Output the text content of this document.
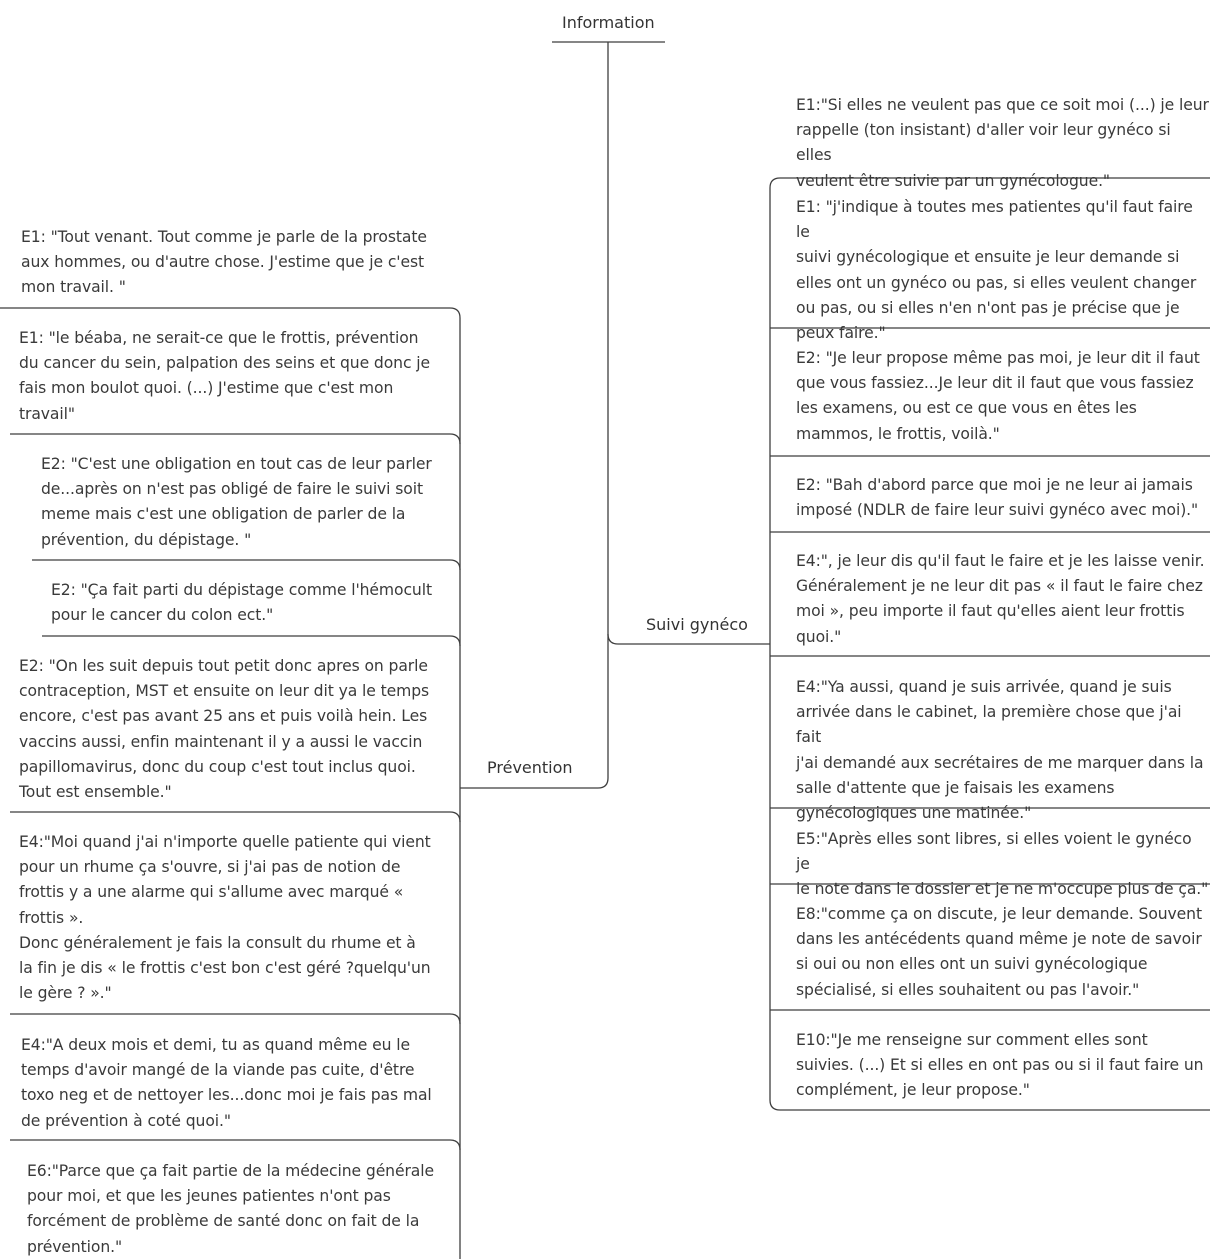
Information
Suivi gynéco
Prévention
E1:"Si elles ne veulent pas que ce soit moi (...) je leur
rappelle (ton insistant) d'aller voir leur gynéco si elles
veulent être suivie par un gynécologue."
E1: "j'indique à toutes mes patientes qu'il faut faire le
suivi gynécologique et ensuite je leur demande si
elles ont un gynéco ou pas, si elles veulent changer
ou pas, ou si elles n'en n'ont pas je précise que je
peux faire."
E2: "Je leur propose même pas moi, je leur dit il faut
que vous fassiez...Je leur dit il faut que vous fassiez
les examens, ou est ce que vous en êtes les
mammos, le frottis, voilà."
E2: "Bah d'abord parce que moi je ne leur ai jamais
imposé (NDLR de faire leur suivi gynéco avec moi)."
E4:", je leur dis qu'il faut le faire et je les laisse venir.
Généralement je ne leur dit pas « il faut le faire chez
moi », peu importe il faut qu'elles aient leur frottis
quoi."
E4:"Ya aussi, quand je suis arrivée, quand je suis
arrivée dans le cabinet, la première chose que j'ai fait
j'ai demandé aux secrétaires de me marquer dans la
salle d'attente que je faisais les examens
gynécologiques une matinée."
E5:"Après elles sont libres, si elles voient le gynéco je
le note dans le dossier et je ne m'occupe plus de ça."
E8:"comme ça on discute, je leur demande. Souvent
dans les antécédents quand même je note de savoir
si oui ou non elles ont un suivi gynécologique
spécialisé, si elles souhaitent ou pas l'avoir."
E10:"Je me renseigne sur comment elles sont
suivies. (...) Et si elles en ont pas ou si il faut faire un
complément, je leur propose."
E1: "Tout venant. Tout comme je parle de la prostate
aux hommes, ou d'autre chose. J'estime que je c'est
mon travail. "
E1: "le béaba, ne serait-ce que le frottis, prévention
du cancer du sein, palpation des seins et que donc je
fais mon boulot quoi. (...) J'estime que c'est mon
travail"
E2: "C'est une obligation en tout cas de leur parler
de...après on n'est pas obligé de faire le suivi soit
meme mais c'est une obligation de parler de la
prévention, du dépistage. "
E2: "Ça fait parti du dépistage comme l'hémocult
pour le cancer du colon ect."
E2: "On les suit depuis tout petit donc apres on parle
contraception, MST et ensuite on leur dit ya le temps
encore, c'est pas avant 25 ans et puis voilà hein. Les
vaccins aussi, enfin maintenant il y a aussi le vaccin
papillomavirus, donc du coup c'est tout inclus quoi.
Tout est ensemble."
E4:"Moi quand j'ai n'importe quelle patiente qui vient
pour un rhume ça s'ouvre, si j'ai pas de notion de
frottis y a une alarme qui s'allume avec marqué «
frottis ».
Donc généralement je fais la consult du rhume et à
la fin je dis « le frottis c'est bon c'est géré ?quelqu'un
le gère ? »."
E4:"A deux mois et demi, tu as quand même eu le
temps d'avoir mangé de la viande pas cuite, d'être
toxo neg et de nettoyer les...donc moi je fais pas mal
de prévention à coté quoi."
E6:"Parce que ça fait partie de la médecine générale
pour moi, et que les jeunes patientes n'ont pas
forcément de problème de santé donc on fait de la
prévention."
